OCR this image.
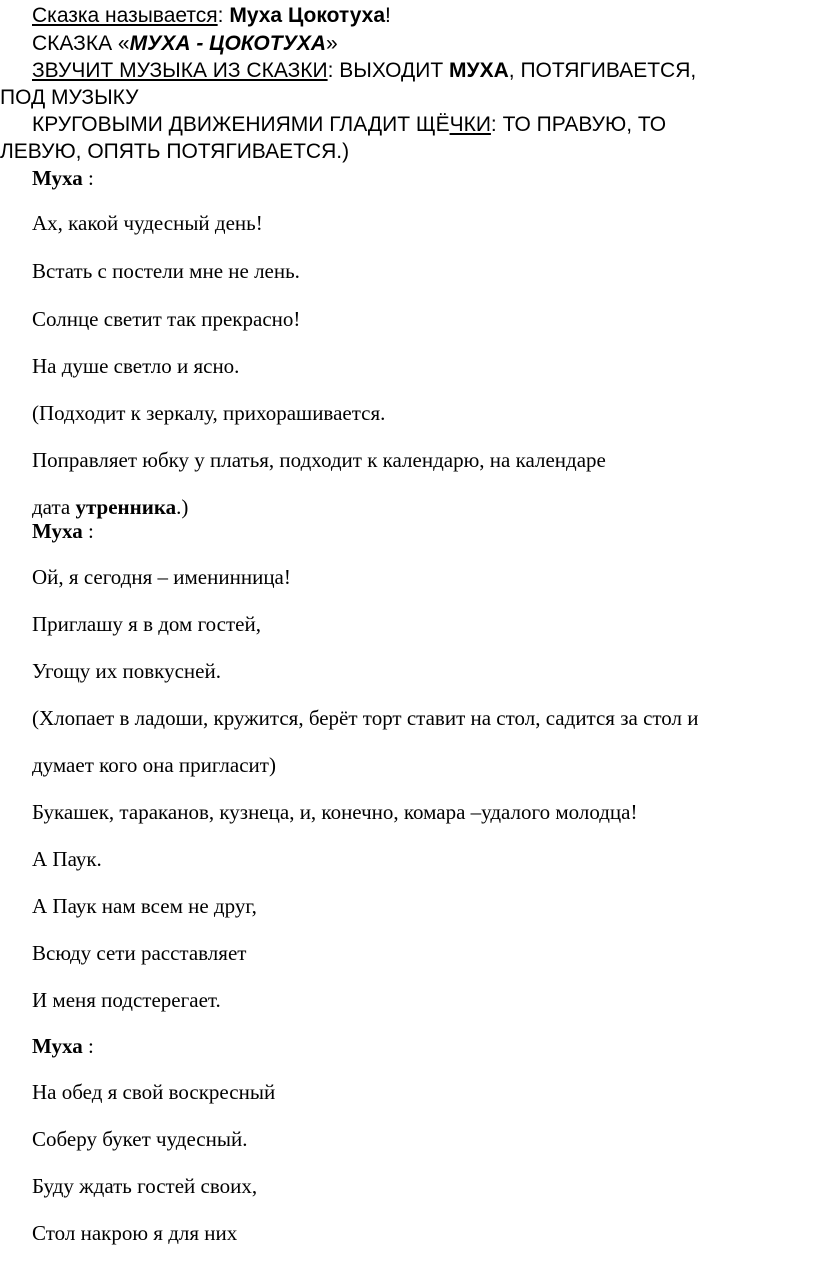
Сказка называется: Муха Цокотуха!
СКАЗКА «МУХА - ЦОКОТУХА»
ЗВУЧИТ МУЗЫКА ИЗ СКАЗКИ: ВЫХОДИТ МУХА, ПОТЯГИВАЕТСЯ,
ПОД МУЗЫКУ
КРУГОВЫМИ ДВИЖЕНИЯМИ ГЛАДИТ ЩЁЧКИ: ТО ПРАВУЮ, ТО
ЛЕВУЮ, ОПЯТЬ ПОТЯГИВАЕТСЯ.)
Муха :
Ах, какой чудесный день!
Встать с постели мне не лень.
Солнце светит так прекрасно!
На душе светло и ясно.
(Подходит к зеркалу, прихорашивается.
Поправляет юбку у платья, подходит к календарю, на календаре
дата утренника.)
Муха :
Ой, я сегодня – именинница!
Приглашу я в дом гостей,
Угощу их повкусней.
(Хлопает в ладоши, кружится, берёт торт ставит на стол, садится за стол и
думает кого она пригласит)
Букашек, тараканов, кузнеца, и, конечно, комара –удалого молодца!
А Паук.
А Паук нам всем не друг,
Всюду сети расставляет
И меня подстерегает.
Муха :
На обед я свой воскресный
Соберу букет чудесный.
Буду ждать гостей своих,
Стол накрою я для них
